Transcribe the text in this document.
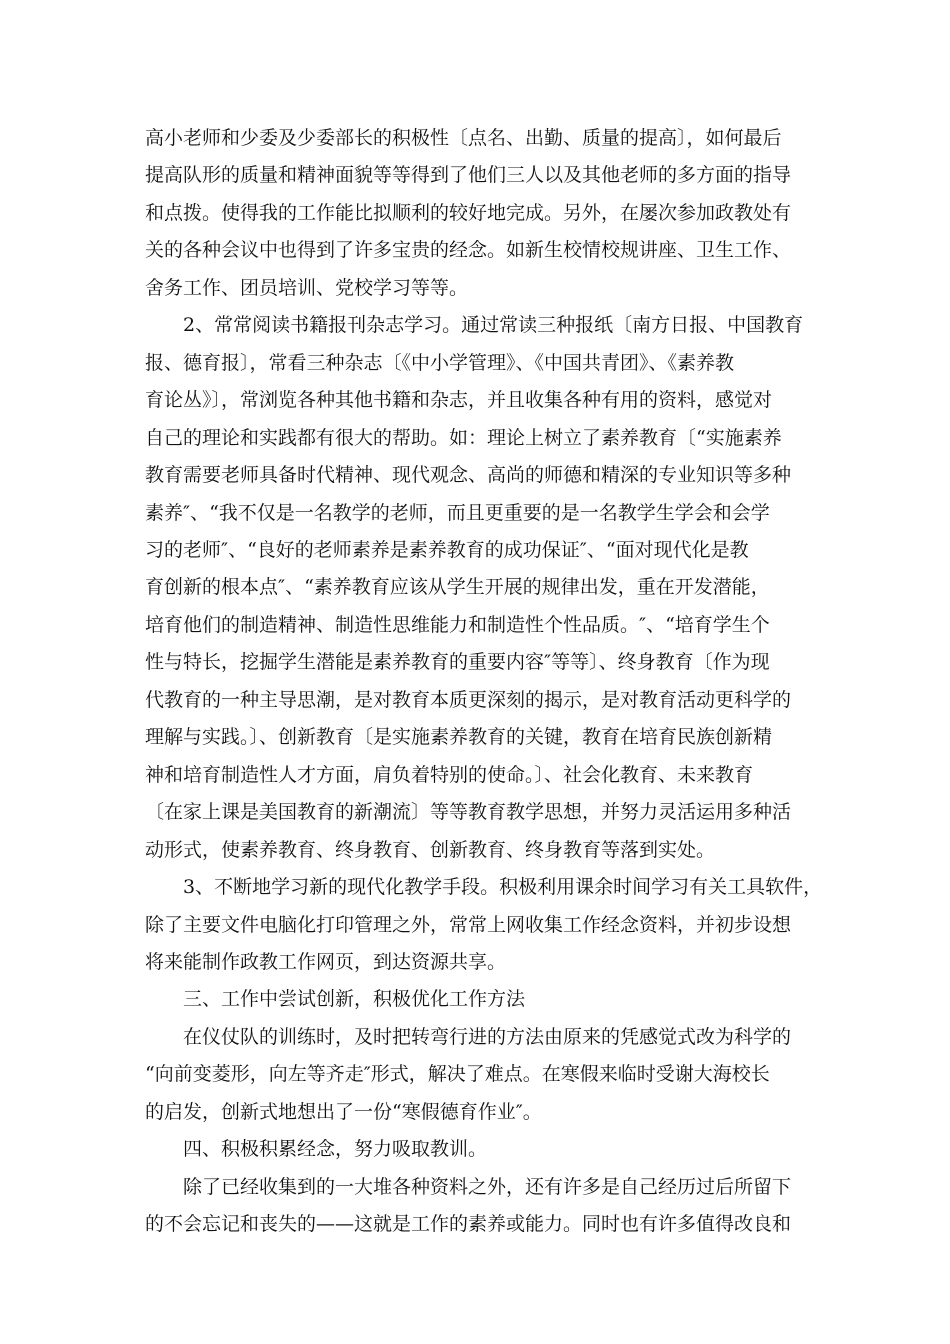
高小老师和少委及少委部长的积极性〔点名、出勤、质量的提高〕，如何最后
提高队形的质量和精神面貌等等得到了他们三人以及其他老师的多方面的指导
和点拨。使得我的工作能比拟顺利的较好地完成。另外，在屡次参加政教处有
关的各种会议中也得到了许多宝贵的经念。如新生校情校规讲座、卫生工作、
舍务工作、团员培训、党校学习等等。
　　2、常常阅读书籍报刊杂志学习。通过常读三种报纸〔南方日报、中国教育
报、德育报〕，常看三种杂志〔《中小学管理》、《中国共青团》、《素养教
育论丛》〕，常浏览各种其他书籍和杂志，并且收集各种有用的资料，感觉对
自己的理论和实践都有很大的帮助。如：理论上树立了素养教育〔“实施素养
教育需要老师具备时代精神、现代观念、高尚的师德和精深的专业知识等多种
素养″、“我不仅是一名教学的老师，而且更重要的是一名教学生学会和会学
习的老师″、“良好的老师素养是素养教育的成功保证″、“面对现代化是教
育创新的根本点″、“素养教育应该从学生开展的规律出发，重在开发潜能，
培育他们的制造精神、制造性思维能力和制造性个性品质。″、“培育学生个
性与特长，挖掘学生潜能是素养教育的重要内容″等等〕、终身教育〔作为现
代教育的一种主导思潮，是对教育本质更深刻的揭示，是对教育活动更科学的
理解与实践。〕、创新教育〔是实施素养教育的关键，教育在培育民族创新精
神和培育制造性人才方面，肩负着特别的使命。〕、社会化教育、未来教育
〔在家上课是美国教育的新潮流〕等等教育教学思想，并努力灵活运用多种活
动形式，使素养教育、终身教育、创新教育、终身教育等落到实处。
　　3、不断地学习新的现代化教学手段。积极利用课余时间学习有关工具软件，
除了主要文件电脑化打印管理之外，常常上网收集工作经念资料，并初步设想
将来能制作政教工作网页，到达资源共享。
　　三、工作中尝试创新，积极优化工作方法
　　在仪仗队的训练时，及时把转弯行进的方法由原来的凭感觉式改为科学的
“向前变菱形，向左等齐走″形式，解决了难点。在寒假来临时受谢大海校长
的启发，创新式地想出了一份“寒假德育作业″。
　　四、积极积累经念，努力吸取教训。
　　除了已经收集到的一大堆各种资料之外，还有许多是自己经历过后所留下
的不会忘记和丧失的——这就是工作的素养或能力。同时也有许多值得改良和
